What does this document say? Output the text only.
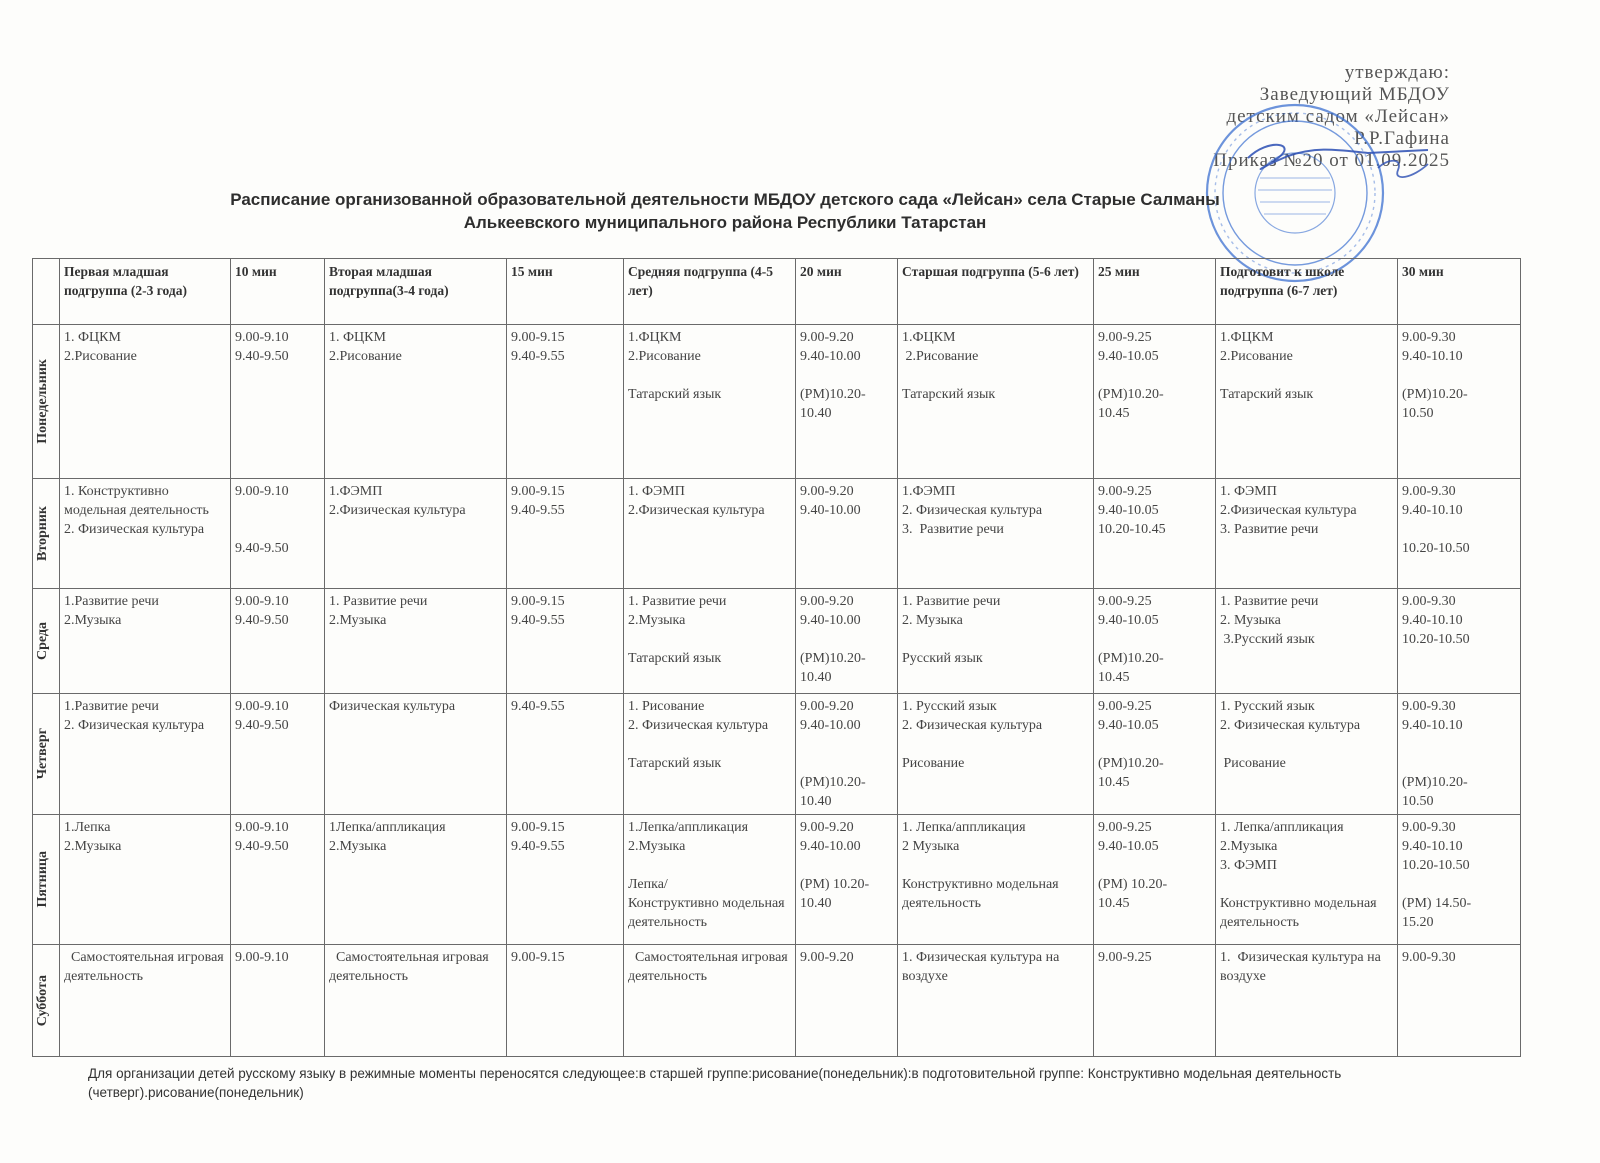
утверждаю:
Заведующий МБДОУ
детским садом «Лейсан»
Р.Р.Гафина
Приказ №20 от 01.09.2025
Расписание организованной образовательной деятельности МБДОУ детского сада «Лейсан» села Старые Салманы
Алькеевского муниципального района Республики Татарстан
	Первая младшая подгруппа (2-3 года)	10 мин	Вторая младшая подгруппа(3-4 года)	15 мин	Средняя подгруппа (4-5 лет)	20 мин	Старшая подгруппа (5-6 лет)	25 мин	Подготовит к школе подгруппа (6-7 лет)	30 мин

Понедельник	1. ФЦКМ
2.Рисование	9.00-9.10
9.40-9.50	1. ФЦКМ
2.Рисование	9.00-9.15
9.40-9.55	1.ФЦКМ
2.Рисование
Татарский язык	9.00-9.20
9.40-10.00
(РМ)10.20-
10.40	1.ФЦКМ
2.Рисование
Татарский язык	9.00-9.25
9.40-10.05
(РМ)10.20-
10.45	1.ФЦКМ
2.Рисование
Татарский язык	9.00-9.30
9.40-10.10
(РМ)10.20-
10.50

Вторник	1. Конструктивно модельная деятельность
2. Физическая культура	9.00-9.10
9.40-9.50	1.ФЭМП
2.Физическая культура	9.00-9.15
9.40-9.55	1. ФЭМП
2.Физическая культура	9.00-9.20
9.40-10.00	1.ФЭМП
2. Физическая культура
3.  Развитие речи	9.00-9.25
9.40-10.05
10.20-10.45	1. ФЭМП
2.Физическая культура
3. Развитие речи	9.00-9.30
9.40-10.10
10.20-10.50

Среда	1.Развитие речи
2.Музыка	9.00-9.10
9.40-9.50	1. Развитие речи
2.Музыка	9.00-9.15
9.40-9.55	1. Развитие речи
2.Музыка
Татарский язык	9.00-9.20
9.40-10.00
(РМ)10.20-
10.40	1. Развитие речи
2. Музыка
Русский язык	9.00-9.25
9.40-10.05
(РМ)10.20-
10.45	1. Развитие речи
2. Музыка
3.Русский язык	9.00-9.30
9.40-10.10
10.20-10.50

Четверг	1.Развитие речи
2. Физическая культура	9.00-9.10
9.40-9.50	Физическая культура	9.40-9.55	1. Рисование
2. Физическая культура
Татарский язык	9.00-9.20
9.40-10.00
(РМ)10.20-
10.40	1. Русский язык
2. Физическая культура
Рисование	9.00-9.25
9.40-10.05
(РМ)10.20-
10.45	1. Русский язык
2. Физическая культура
Рисование	9.00-9.30
9.40-10.10
(РМ)10.20-
10.50

Пятница	1.Лепка
2.Музыка	9.00-9.10
9.40-9.50	1Лепка/аппликация
2.Музыка	9.00-9.15
9.40-9.55	1.Лепка/аппликация
2.Музыка
Лепка/
Конструктивно модельная деятельность	9.00-9.20
9.40-10.00
(РМ) 10.20-
10.40	1. Лепка/аппликация
2 Музыка
Конструктивно модельная деятельность	9.00-9.25
9.40-10.05
(РМ) 10.20-
10.45	1. Лепка/аппликация
2.Музыка
3. ФЭМП
Конструктивно модельная деятельность	9.00-9.30
9.40-10.10
10.20-10.50
(РМ) 14.50-
15.20

Суббота	Самостоятельная игровая деятельность	9.00-9.10	Самостоятельная игровая деятельность	9.00-9.15	Самостоятельная игровая деятельность	9.00-9.20	1. Физическая культура на воздухе	9.00-9.25	1.  Физическая культура на воздухе	9.00-9.30
Для организации детей русскому языку в режимные моменты переносятся следующее:в старшей группе:рисование(понедельник):в подготовительной группе: Конструктивно модельная деятельность (четверг).рисование(понедельник)
